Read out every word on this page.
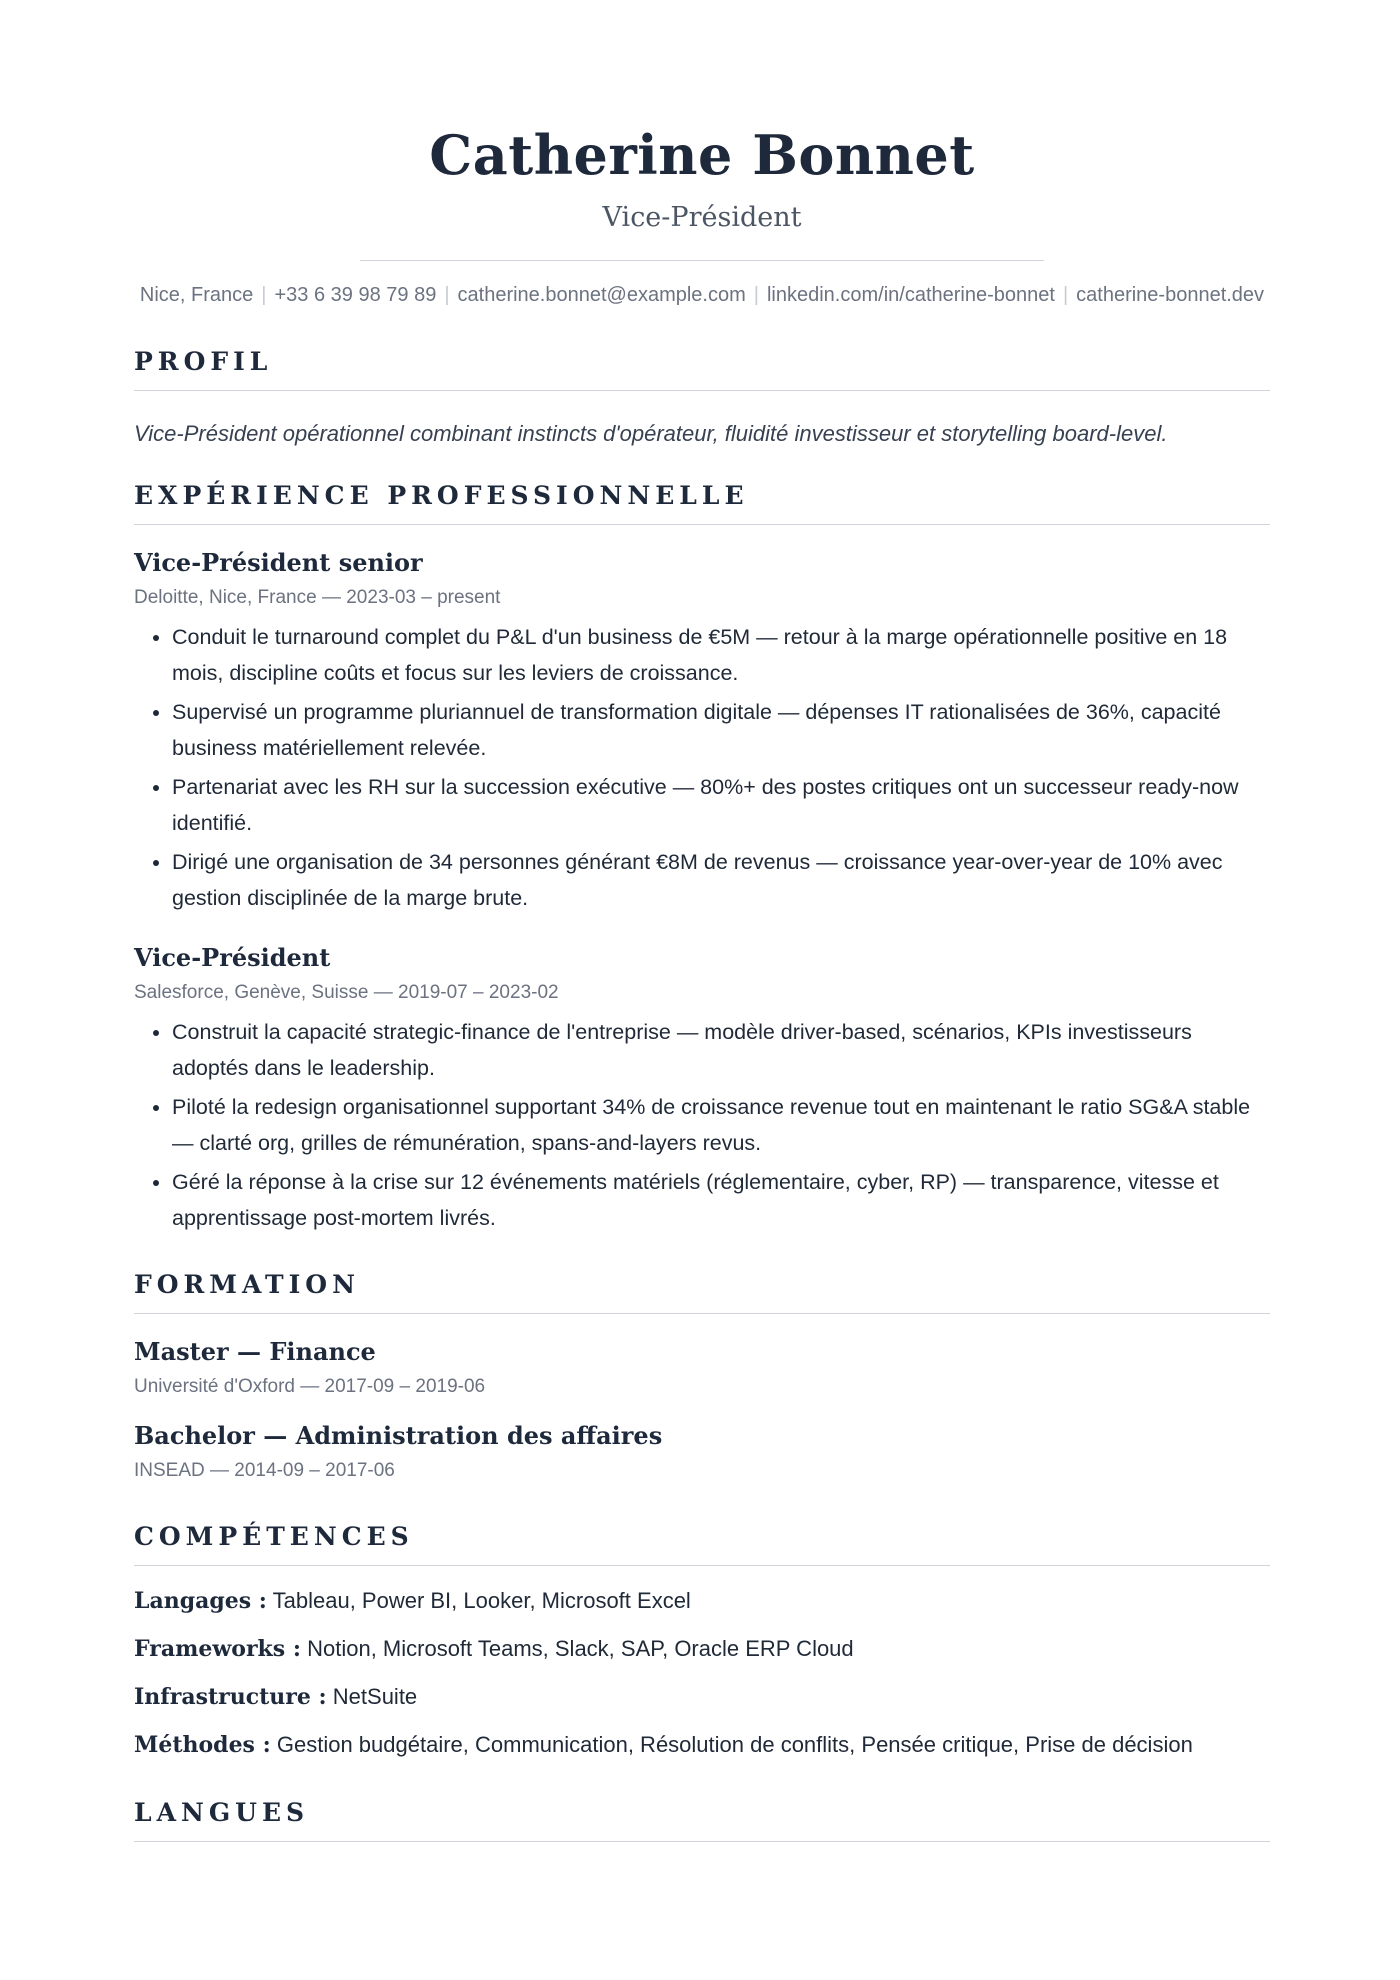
Catherine Bonnet
Vice-Président
Nice, France | +33 6 39 98 79 89 | catherine.bonnet@example.com | linkedin.com/in/catherine-bonnet | catherine-bonnet.dev
PROFIL
Vice-Président opérationnel combinant instincts d'opérateur, fluidité investisseur et storytelling board-level.
EXPÉRIENCE PROFESSIONNELLE
Vice-Président senior
Deloitte, Nice, France — 2023-03 – present
• Conduit le turnaround complet du P&L d'un business de €5M — retour à la marge opérationnelle positive en 18 mois, discipline coûts et focus sur les leviers de croissance.
• Supervisé un programme pluriannuel de transformation digitale — dépenses IT rationalisées de 36%, capacité business matériellement relevée.
• Partenariat avec les RH sur la succession exécutive — 80%+ des postes critiques ont un successeur ready-now identifié.
• Dirigé une organisation de 34 personnes générant €8M de revenus — croissance year-over-year de 10% avec gestion disciplinée de la marge brute.
Vice-Président
Salesforce, Genève, Suisse — 2019-07 – 2023-02
• Construit la capacité strategic-finance de l'entreprise — modèle driver-based, scénarios, KPIs investisseurs adoptés dans le leadership.
• Piloté la redesign organisationnel supportant 34% de croissance revenue tout en maintenant le ratio SG&A stable — clarté org, grilles de rémunération, spans-and-layers revus.
• Géré la réponse à la crise sur 12 événements matériels (réglementaire, cyber, RP) — transparence, vitesse et apprentissage post-mortem livrés.
FORMATION
Master — Finance
Université d'Oxford — 2017-09 – 2019-06
Bachelor — Administration des affaires
INSEAD — 2014-09 – 2017-06
COMPÉTENCES
Langages : Tableau, Power BI, Looker, Microsoft Excel
Frameworks : Notion, Microsoft Teams, Slack, SAP, Oracle ERP Cloud
Infrastructure : NetSuite
Méthodes : Gestion budgétaire, Communication, Résolution de conflits, Pensée critique, Prise de décision
LANGUES
